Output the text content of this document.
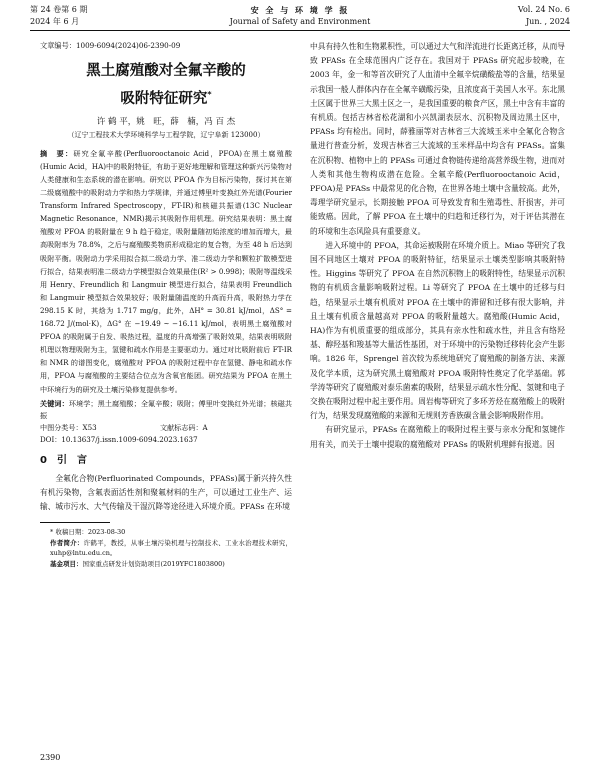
第 24 卷第 6 期
2024 年 6 月
安 全 与 环 境 学 报
Journal of Safety and Environment
Vol. 24 No. 6
Jun. , 2024

文章编号：1009-6094(2024)06-2390-09

黑土腐殖酸对全氟辛酸的
吸附特征研究*
许 鹤 平，姚　旺，薛　楠，冯 百 杰
（辽宁工程技术大学环境科学与工程学院，辽宁阜新 123000）

摘　要：研究全氟辛酸(Perfluorooctanoic Acid，PFOA)在黑土腐殖酸(Humic Acid，HA)中的吸附特征，有助于更好地理解和管理这种新兴污染物对人类健康和生态系统的潜在影响。研究以 PFOA 作为目标污染物，探讨其在第二级腐殖酸中的吸附动力学和热力学规律，并通过傅里叶变换红外光谱(Fourier Transform Infrared Spectroscopy，FT-IR)和核磁共振谱(13C Nuclear Magnetic Resonance，NMR)揭示其吸附作用机理。研究结果表明：黑土腐殖酸对 PFOA 的吸附量在 9 h 趋于稳定，吸附量随初始浓度的增加而增大，最高吸附率为 78.8%，之后与腐殖酸类物质形成稳定的复合物，为至 48 h 后达到吸附平衡。吸附动力学采用拟合拟二级动力学、准二级动力学和颗粒扩散模型进行拟合，结果表明准二级动力学模型拟合效果最佳(R² > 0.998)；吸附等温线采用 Henry、Freundlich 和 Langmuir 模型进行拟合，结果表明 Freundlich 和 Langmuir 模型拟合效果较好；吸附量随温度的升高而升高，吸附热力学在 298.15 K 时，其焓为 1.717 mg/g，此外，ΔH° = 30.81 kJ/mol，ΔS° = 168.72 J/(mol·K)，ΔG° 在 −19.49 ~ −16.11 kJ/mol，表明黑土腐殖酸对 PFOA 的吸附属于自发、吸热过程，温度的升高增强了吸附效果，结果表明吸附机理以物理吸附为主，氢键和疏水作用是主要驱动力。通过对比吸附前后 FT-IR 和 NMR 的谱图变化，腐殖酸对 PFOA 的吸附过程中存在氢键、静电和疏水作用，PFOA 与腐殖酸的主要结合位点为含氧官能团。研究结果为 PFOA 在黑土中环境行为的研究及土壤污染修复提供参考。

关键词：环境学；黑土腐殖酸；全氟辛酸；吸附；傅里叶变换红外光谱；核磁共振

中图分类号：X53	文献标志码：A

DOI：10.13637/j.issn.1009-6094.2023.1637

0 引　言

全氟化合物(Perfluorinated Compounds，PFASs)属于新兴持久性有机污染物，含氟表面活性剂和聚氟材料的生产，可以通过工业生产、运输、城市污水、大气传输及干湿沉降等途径进入环境介质。PFASs 在环境

* 收稿日期：2023-08-30

作者简介：许鹤平，教授，从事土壤污染机理与控制技术、工业水治理技术研究，xuhp@lntu.edu.cn。

基金项目：国家重点研发计划资助项目(2019YFC1803800)

中具有持久性和生物累积性，可以通过大气和洋流进行长距离迁移，从而导致 PFASs 在全球范围内广泛存在。我国对于 PFASs 研究起步较晚，在 2003 年，金一和等首次研究了人血清中全氟辛烷磺酸盐等的含量，结果显示我国一般人群体内存在全氟辛磺酸污染，且浓度高于美国人水平。东北黑土区属于世界三大黑土区之一，是我国重要的粮食产区，黑土中含有丰富的有机质。包括吉林省松花湖和小兴凯湖表层水、沉积物及周边黑土区中，PFASs 均有检出。同时，薛雅丽等对吉林省三大流域玉米中全氟化合物含量进行普查分析，发现吉林省三大流域的玉米样品中均含有 PFASs。富集在沉积物、植物中上的 PFASs 可通过食物链传递给高营养级生物，进而对人类和其他生物构成潜在危险。全氟辛酸(Perfluorooctanoic Acid，PFOA)是 PFASs 中最常见的化合物，在世界各地土壤中含量较高。此外，毒理学研究显示，长期接触 PFOA 可导致发育和生殖毒性、肝损害，并可能致癌。因此，了解 PFOA 在土壤中的归趋和迁移行为，对于评估其潜在的环境和生态风险具有重要意义。

进入环境中的 PFOA，其命运被吸附在环境介质上。Miao 等研究了我国不同地区土壤对 PFOA 的吸附特征，结果显示土壤类型影响其吸附特性。Higgins 等研究了 PFOA 在自然沉积物上的吸附特性，结果显示沉积物的有机质含量影响吸附过程。Li 等研究了 PFOA 在土壤中的迁移与归趋，结果显示土壤有机质对 PFOA 在土壤中的滞留和迁移有很大影响，并且土壤有机质含量越高对 PFOA 的吸附量越大。腐殖酸(Humic Acid，HA)作为有机质重要的组成部分，其具有亲水性和疏水性，并且含有络羟基、醇羟基和羧基等大量活性基团，对于环境中的污染物迁移转化会产生影响。1826 年，Sprengel 首次较为系统地研究了腐殖酸的制备方法、来源及化学本质，这为研究黑土腐殖酸对 PFOA 吸附特性奠定了化学基础。郭学涛等研究了腐殖酸对泰乐菌素的吸附，结果显示疏水性分配、氢键和电子交换在吸附过程中起主要作用。周岩梅等研究了多环芳烃在腐殖酸上的吸附行为，结果发现腐殖酸的来源和无规则芳香族碳含量会影响吸附作用。

有研究显示，PFASs 在腐殖酸上的吸附过程主要与亲水分配和氢键作用有关，而关于土壤中提取的腐殖酸对 PFASs 的吸附机理鲜有报道。因

2390
